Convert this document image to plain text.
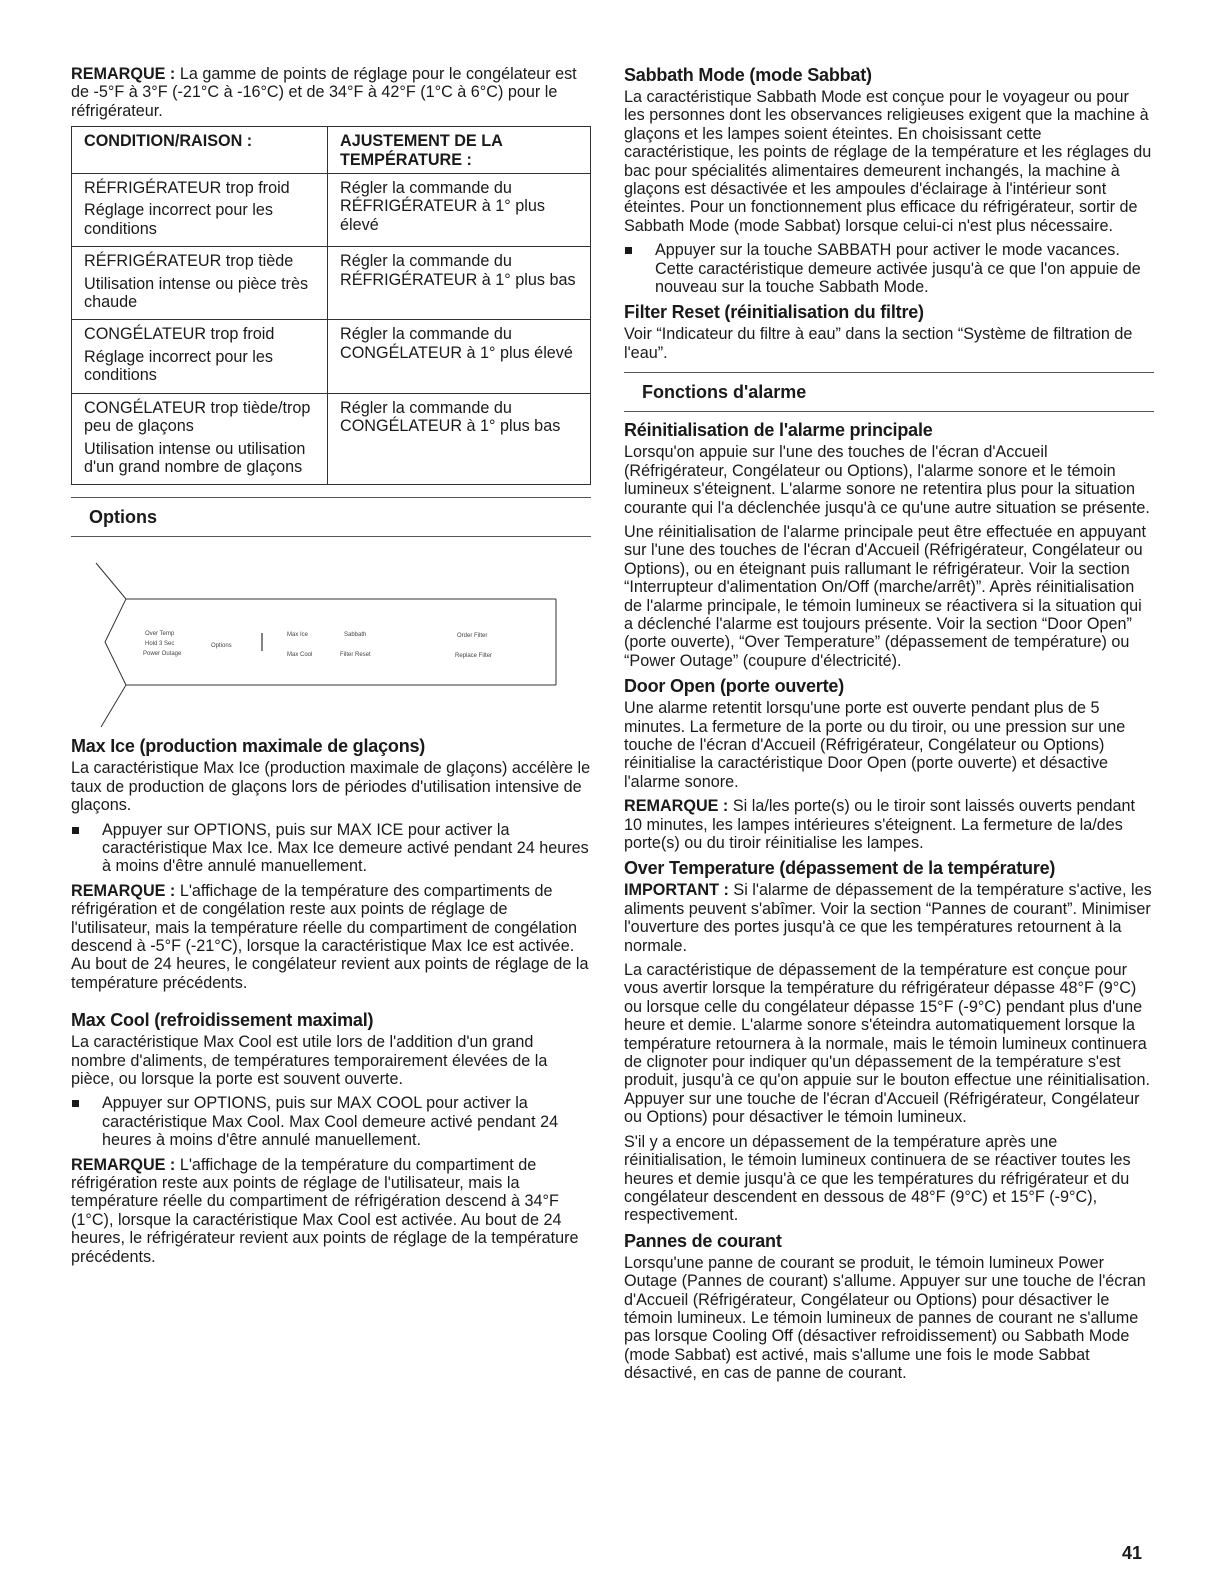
REMARQUE : La gamme de points de réglage pour le congélateur est de -5°F à 3°F (-21°C à -16°C) et de 34°F à 42°F (1°C à 6°C) pour le réfrigérateur.

CONDITION/RAISON :	AJUSTEMENT DE LA TEMPÉRATURE :

RÉFRIGÉRATEUR trop froid

Réglage incorrect pour les conditions	Régler la commande du RÉFRIGÉRATEUR à 1° plus élevé

RÉFRIGÉRATEUR trop tiède

Utilisation intense ou pièce très chaude	Régler la commande du RÉFRIGÉRATEUR à 1° plus bas

CONGÉLATEUR trop froid

Réglage incorrect pour les conditions	Régler la commande du CONGÉLATEUR à 1° plus élevé

CONGÉLATEUR trop tiède/trop peu de glaçons

Utilisation intense ou utilisation d'un grand nombre de glaçons	Régler la commande du CONGÉLATEUR à 1° plus bas
Options
Over Temp
Hold 3 Sec
Power Outage
Options
Max Ice
Max Cool
Sabbath
Filter Reset
Order Filter
Replace Filter
Max Ice (production maximale de glaçons)

La caractéristique Max Ice (production maximale de glaçons) accélère le taux de production de glaçons lors de périodes d'utilisation intensive de glaçons.

Appuyer sur OPTIONS, puis sur MAX ICE pour activer la caractéristique Max Ice. Max Ice demeure activé pendant 24 heures à moins d'être annulé manuellement.

REMARQUE : L'affichage de la température des compartiments de réfrigération et de congélation reste aux points de réglage de l'utilisateur, mais la température réelle du compartiment de congélation descend à -5°F (-21°C), lorsque la caractéristique Max Ice est activée. Au bout de 24 heures, le congélateur revient aux points de réglage de la température précédents.

Max Cool (refroidissement maximal)

La caractéristique Max Cool est utile lors de l'addition d'un grand nombre d'aliments, de températures temporairement élevées de la pièce, ou lorsque la porte est souvent ouverte.

Appuyer sur OPTIONS, puis sur MAX COOL pour activer la caractéristique Max Cool. Max Cool demeure activé pendant 24 heures à moins d'être annulé manuellement.

REMARQUE : L'affichage de la température du compartiment de réfrigération reste aux points de réglage de l'utilisateur, mais la température réelle du compartiment de réfrigération descend à 34°F (1°C), lorsque la caractéristique Max Cool est activée. Au bout de 24 heures, le réfrigérateur revient aux points de réglage de la température précédents.

Sabbath Mode (mode Sabbat)

La caractéristique Sabbath Mode est conçue pour le voyageur ou pour les personnes dont les observances religieuses exigent que la machine à glaçons et les lampes soient éteintes. En choisissant cette caractéristique, les points de réglage de la température et les réglages du bac pour spécialités alimentaires demeurent inchangés, la machine à glaçons est désactivée et les ampoules d'éclairage à l'intérieur sont éteintes. Pour un fonctionnement plus efficace du réfrigérateur, sortir de Sabbath Mode (mode Sabbat) lorsque celui-ci n'est plus nécessaire.

Appuyer sur la touche SABBATH pour activer le mode vacances. Cette caractéristique demeure activée jusqu'à ce que l'on appuie de nouveau sur la touche Sabbath Mode.
Filter Reset (réinitialisation du filtre)

Voir “Indicateur du filtre à eau” dans la section “Système de filtration de l'eau”.

Fonctions d'alarme
Réinitialisation de l'alarme principale

Lorsqu'on appuie sur l'une des touches de l'écran d'Accueil (Réfrigérateur, Congélateur ou Options), l'alarme sonore et le témoin lumineux s'éteignent. L'alarme sonore ne retentira plus pour la situation courante qui l'a déclenchée jusqu'à ce qu'une autre situation se présente.

Une réinitialisation de l'alarme principale peut être effectuée en appuyant sur l'une des touches de l'écran d'Accueil (Réfrigérateur, Congélateur ou Options), ou en éteignant puis rallumant le réfrigérateur. Voir la section “Interrupteur d'alimentation On/Off (marche/arrêt)”. Après réinitialisation de l'alarme principale, le témoin lumineux se réactivera si la situation qui a déclenché l'alarme est toujours présente. Voir la section “Door Open” (porte ouverte), “Over Temperature” (dépassement de température) ou “Power Outage” (coupure d'électricité).

Door Open (porte ouverte)

Une alarme retentit lorsqu'une porte est ouverte pendant plus de 5 minutes. La fermeture de la porte ou du tiroir, ou une pression sur une touche de l'écran d'Accueil (Réfrigérateur, Congélateur ou Options) réinitialise la caractéristique Door Open (porte ouverte) et désactive l'alarme sonore.

REMARQUE : Si la/les porte(s) ou le tiroir sont laissés ouverts pendant 10 minutes, les lampes intérieures s'éteignent. La fermeture de la/des porte(s) ou du tiroir réinitialise les lampes.

Over Temperature (dépassement de la température)

IMPORTANT : Si l'alarme de dépassement de la température s'active, les aliments peuvent s'abîmer. Voir la section “Pannes de courant”. Minimiser l'ouverture des portes jusqu'à ce que les températures retournent à la normale.

La caractéristique de dépassement de la température est conçue pour vous avertir lorsque la température du réfrigérateur dépasse 48°F (9°C) ou lorsque celle du congélateur dépasse 15°F (-9°C) pendant plus d'une heure et demie. L'alarme sonore s'éteindra automatiquement lorsque la température retournera à la normale, mais le témoin lumineux continuera de clignoter pour indiquer qu'un dépassement de la température s'est produit, jusqu'à ce qu'on appuie sur le bouton effectue une réinitialisation. Appuyer sur une touche de l'écran d'Accueil (Réfrigérateur, Congélateur ou Options) pour désactiver le témoin lumineux.

S'il y a encore un dépassement de la température après une réinitialisation, le témoin lumineux continuera de se réactiver toutes les heures et demie jusqu'à ce que les températures du réfrigérateur et du congélateur descendent en dessous de 48°F (9°C) et 15°F (-9°C), respectivement.

Pannes de courant

Lorsqu'une panne de courant se produit, le témoin lumineux Power Outage (Pannes de courant) s'allume. Appuyer sur une touche de l'écran d'Accueil (Réfrigérateur, Congélateur ou Options) pour désactiver le témoin lumineux. Le témoin lumineux de pannes de courant ne s'allume pas lorsque Cooling Off (désactiver refroidissement) ou Sabbath Mode (mode Sabbat) est activé, mais s'allume une fois le mode Sabbat désactivé, en cas de panne de courant.

41
